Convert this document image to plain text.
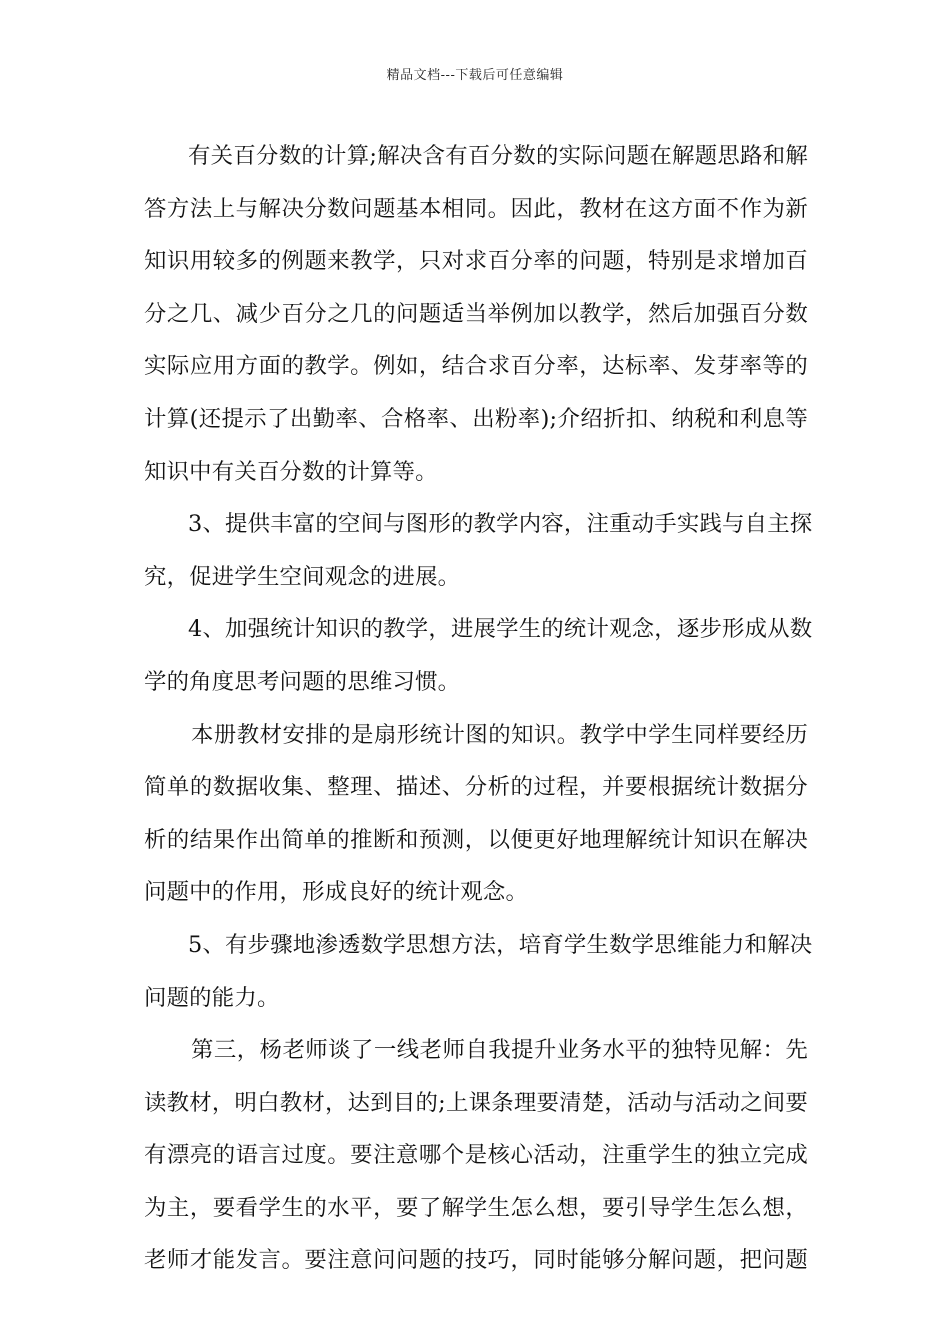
精品文档---下载后可任意编辑
有关百分数的计算;解决含有百分数的实际问题在解题思路和解
答方法上与解决分数问题基本相同。因此，教材在这方面不作为新
知识用较多的例题来教学，只对求百分率的问题，特别是求增加百
分之几、减少百分之几的问题适当举例加以教学，然后加强百分数
实际应用方面的教学。例如，结合求百分率，达标率、发芽率等的
计算(还提示了出勤率、合格率、出粉率);介绍折扣、纳税和利息等
知识中有关百分数的计算等。
3、提供丰富的空间与图形的教学内容，注重动手实践与自主探
究，促进学生空间观念的进展。
4、加强统计知识的教学，进展学生的统计观念，逐步形成从数
学的角度思考问题的思维习惯。
本册教材安排的是扇形统计图的知识。教学中学生同样要经历
简单的数据收集、整理、描述、分析的过程，并要根据统计数据分
析的结果作出简单的推断和预测，以便更好地理解统计知识在解决
问题中的作用，形成良好的统计观念。
5、有步骤地渗透数学思想方法，培育学生数学思维能力和解决
问题的能力。
第三，杨老师谈了一线老师自我提升业务水平的独特见解：先
读教材，明白教材，达到目的;上课条理要清楚，活动与活动之间要
有漂亮的语言过度。要注意哪个是核心活动，注重学生的独立完成
为主，要看学生的水平，要了解学生怎么想，要引导学生怎么想，
老师才能发言。要注意问问题的技巧，同时能够分解问题，把问题
